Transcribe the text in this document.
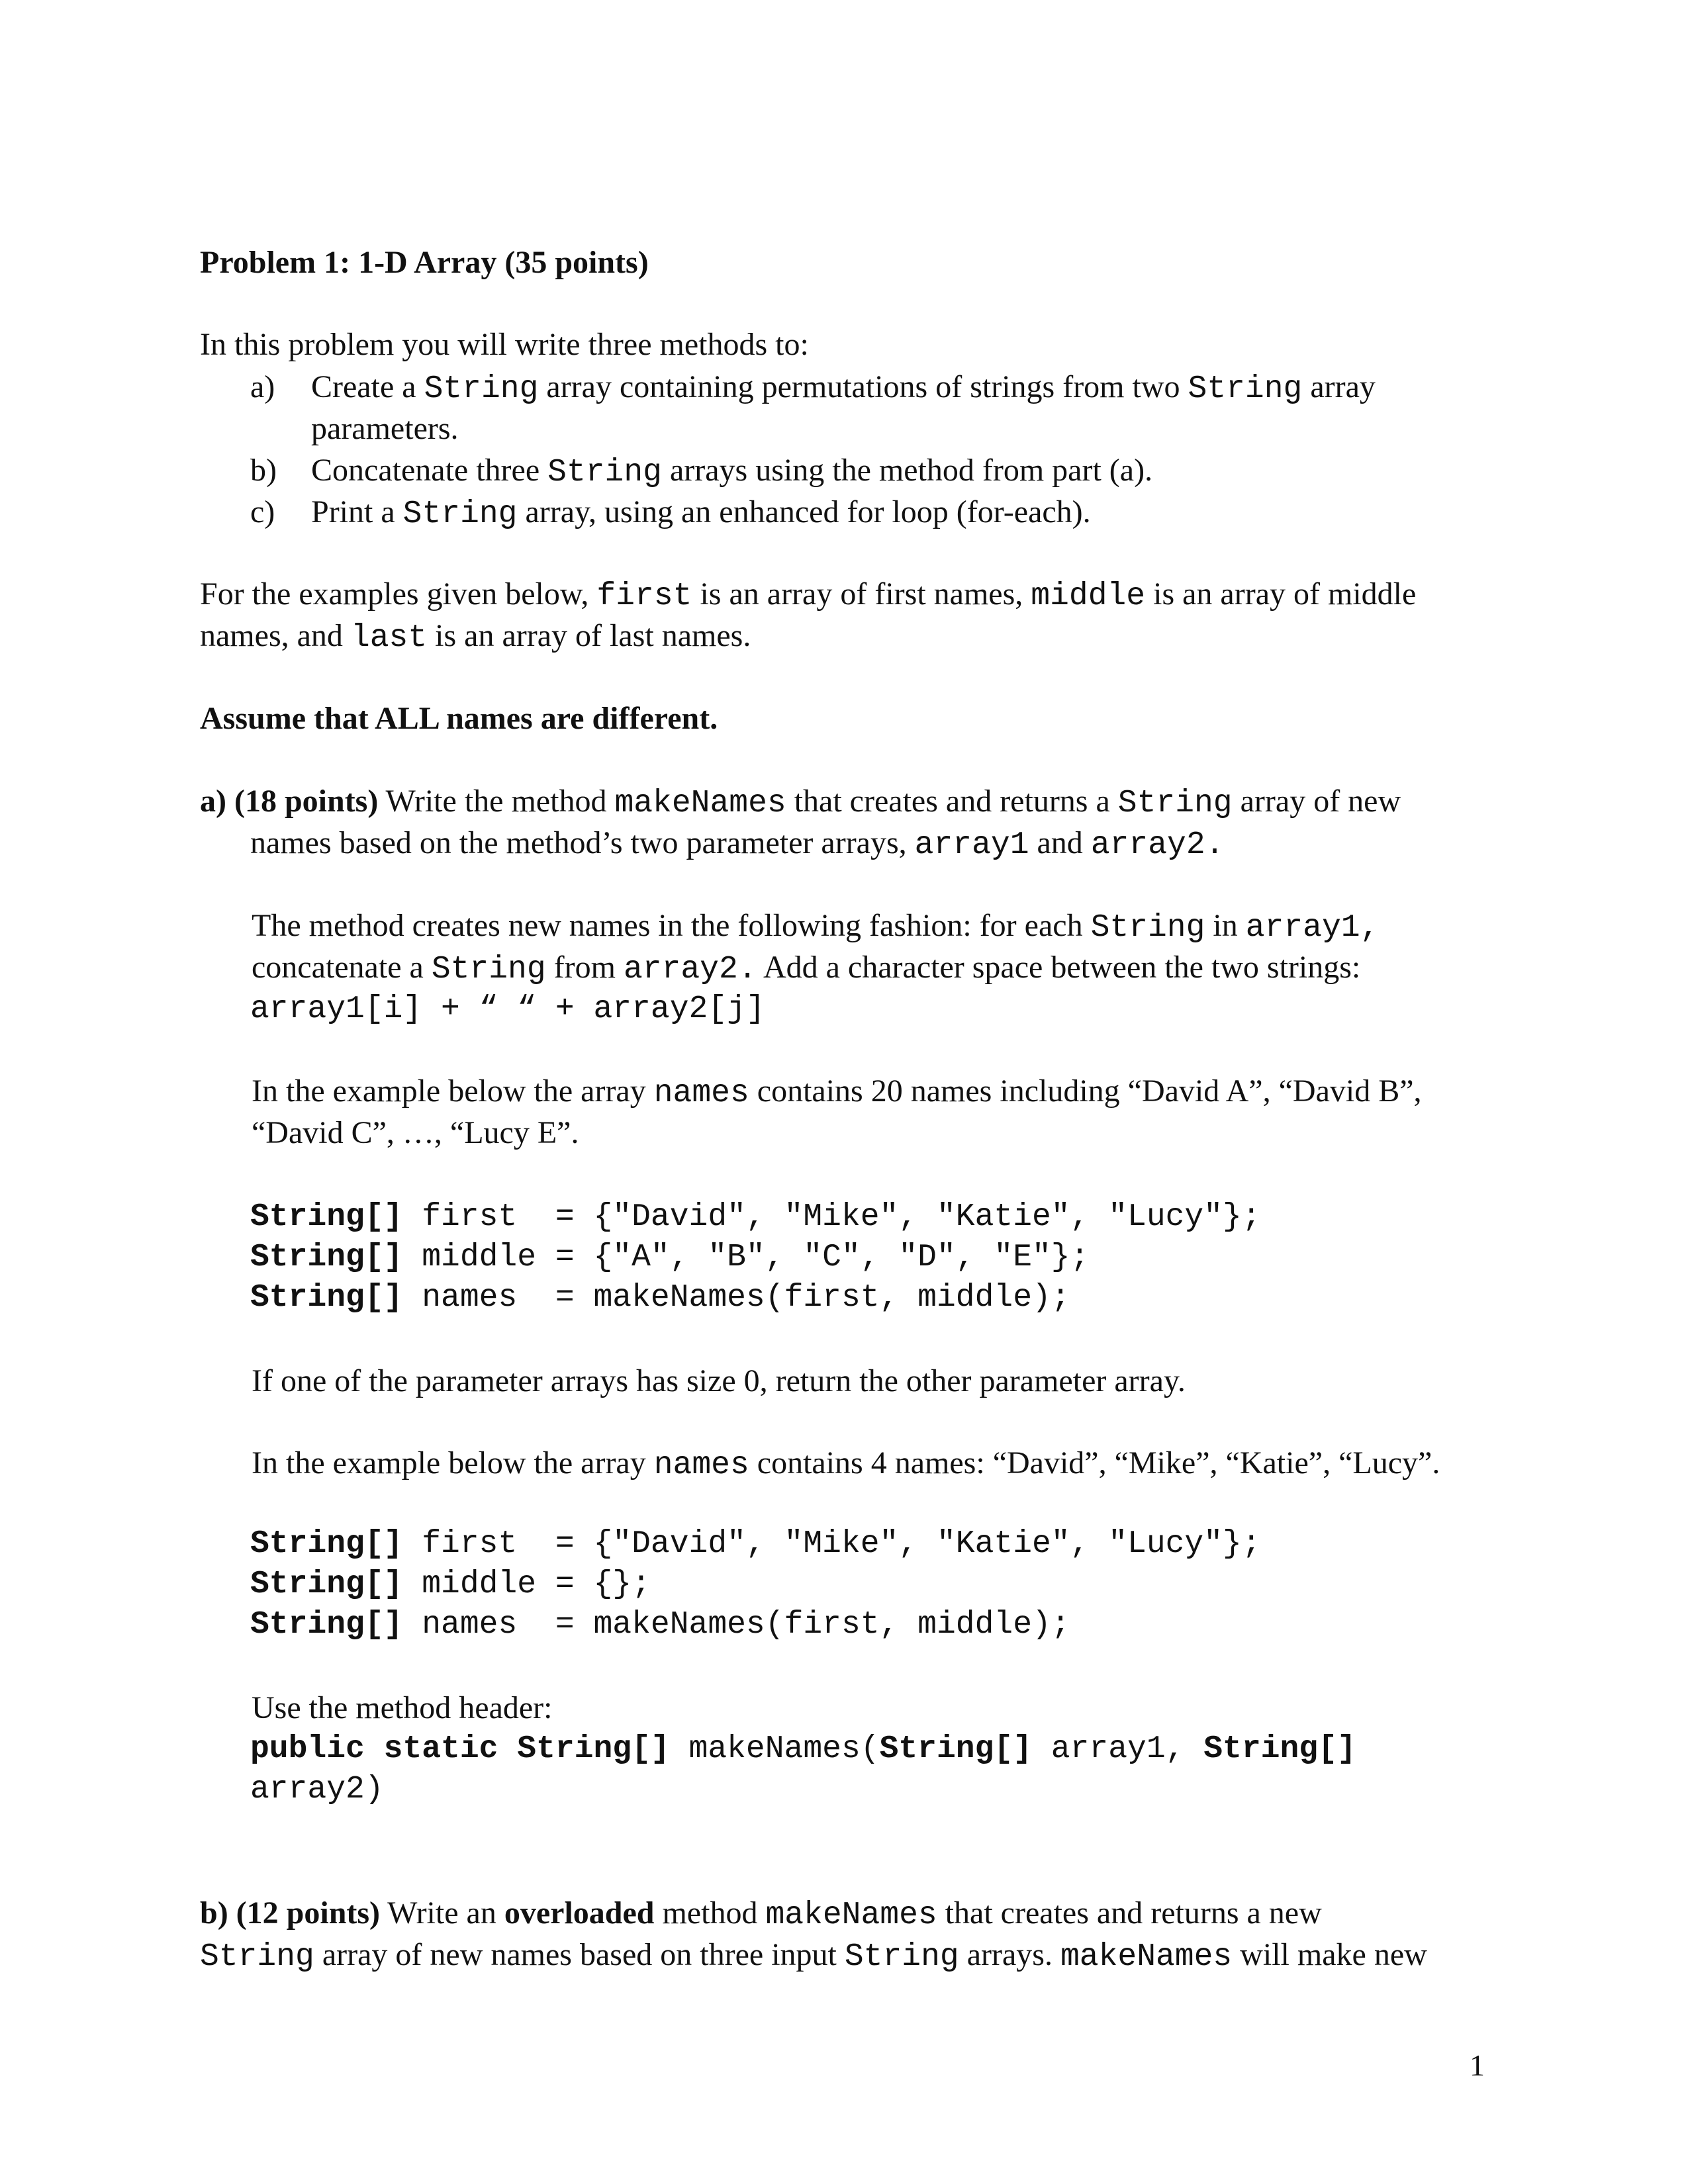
Problem 1: 1-D Array (35 points)
In this problem you will write three methods to:
a) Create a String array containing permutations of strings from two String array
parameters.
b) Concatenate three String arrays using the method from part (a).
c) Print a String array, using an enhanced for loop (for-each).
For the examples given below, first is an array of first names, middle is an array of middle
names, and last is an array of last names.
Assume that ALL names are different.
a) (18 points) Write the method makeNames that creates and returns a String array of new
names based on the method’s two parameter arrays, array1 and array2.
The method creates new names in the following fashion: for each String in array1,
concatenate a String from array2. Add a character space between the two strings:
array1[i] + “ “ + array2[j]
In the example below the array names contains 20 names including “David A”, “David B”,
“David C”, …, “Lucy E”.
String[] first  = {"David", "Mike", "Katie", "Lucy"};
String[] middle = {"A", "B", "C", "D", "E"};
String[] names  = makeNames(first, middle);
If one of the parameter arrays has size 0, return the other parameter array.
In the example below the array names contains 4 names: “David”, “Mike”, “Katie”, “Lucy”.
String[] first  = {"David", "Mike", "Katie", "Lucy"};
String[] middle = {};
String[] names  = makeNames(first, middle);
Use the method header:
public static String[] makeNames(String[] array1, String[]
array2)
b) (12 points) Write an overloaded method makeNames that creates and returns a new
String array of new names based on three input String arrays. makeNames will make new
1
